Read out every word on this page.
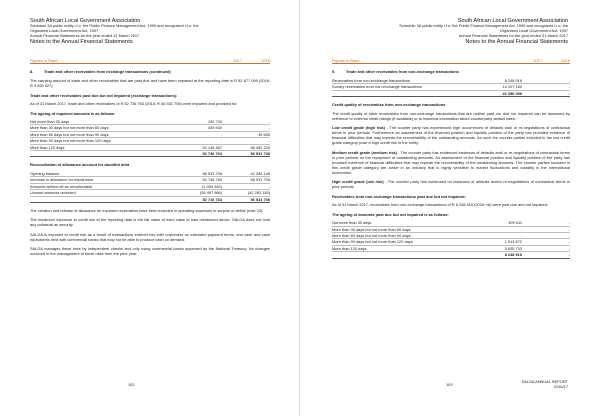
South African Local Government Association
Schedule 3A public entity i.t.o. the Public Finance Management Act, 1999 and recognised i.t.o. the
Organised Local Government Act, 1997
Annual Financial Statements for the year ended 31 March 2017
Notes to the Annual Financial Statements
Figures in Rand	2017	2016
8.	Trade and other receivables from exchange transactions (continued)

The carrying amount of trade and other receivables that are past due and have been impaired at the reporting date is R 52 877 069 (2016: R 3 095 527).

Trade and other receivables past due but not impaired (exchange transactions):

As of 31 March 2017, trade and other receivables of R 52 736 763 (2016: R 56 531 706) were impaired and provided for.

The ageing of impaired amounts is as follows:
Not more than 30 days	150 730	-
More than 30 days but not more than 60 days	439 940	-
More than 60 days but not more than 90 days	-	49 505
More than 90 days but not more than 120 days	-	-
More than 120 days	52 146 467	56 482 203
	52 736 763	56 531 706
Reconciliation of allowance account for doubtful debt
Opening balance	56 531 706	42 283 145
Increase in allowance for impairment	52 736 763	56 531 706
Amounts written-off as uncollectable	(1 054 340)	-
Unused amounts reversed	(55 497 566)	(42 283 145)
	52 716 763	56 531 706

The creation and release of allowance for impaired receivables have been included in operating expenses in surplus or deficit (note 23).

The maximum exposure to credit risk at the reporting date is the fair value of each class of loan mentioned above. SALGA does not hold any collateral as security.

SALGA is exposed to credit risk as a result of transactions entered into with customers on extended payment terms, and cash and cash equivalents held with commercial banks that may not be able to produce cash on demand.

SALGA manages these risks by independent checks and only using commercial banks approved by the National Treasury. No changes occurred in the management of these risks from the prior year.

102
South African Local Government Association
Schedule 3A public entity i.t.o. the Public Finance Management Act, 1999 and recognised i.t.o. the
Organised Local Government Act, 1997
Annual Financial Statements for the year ended 31 March 2017
Notes to the Annual Financial Statements
Figures in Rand	2017	2016
9.	Trade and other receivables from non-exchange transactions
Receivables from non-exchange transactions	8 248 916	-
Sundry receivables from non-exchange transactions	14 107 180	-
	22 356 096	-
Credit quality of receivables from non-exchange transactions

The credit quality of other receivables from non-exchange transactions that are neither past nor due nor impaired can be assessed by reference to external credit ratings (if available) or to historical information about counterparty default rates:

Low credit grade (high risk) - The counter party has experienced high occurrences of defaults and/ or re-negotiations of contractual terms in prior periods. Furthermore an assessment of the financial position and liquidity position of the party has provided evidence of financial difficulties that may impede the recoverability of the outstanding amounts. As such the counter parties included in the low credit grade category pose a high credit risk to the entity.

Medium credit grade (medium risk) - The counter party has evidenced instances of defaults and/ or re-negotiations of contractual terms in prior periods on the repayment of outstanding amounts. An assessment of the financial position and liquidity position of the party has provided evidence of financial difficulties that may impede the recoverability of the outstanding amounts. The counter parties included in this credit grade category are active in an industry that is highly sensitive to market fluctuations and volatility in the international economies.

High credit grade (low risk) - The counter party has evidenced no instances of defaults and/or re-negotiations of contractual terms in prior periods.

Receivables from non-exchange transactions past due but not impaired:

As of 31 March 2017, receivables from non-exchange transactions of R 8 248 916 (2016: nil) were past due and not impaired:

The ageing of amounts past due but not impaired is as follows:
Not more than 30 days	499 511	-
More than 30 days but not more than 60 days	-	-
More than 60 days but not more than 90 days	-	-
More than 90 days but not more than 120 days	1 913 672	-
More than 120 days	5 835 733	-
	8 248 916	-
103
SALGA ANNUAL REPORT
2016/17
